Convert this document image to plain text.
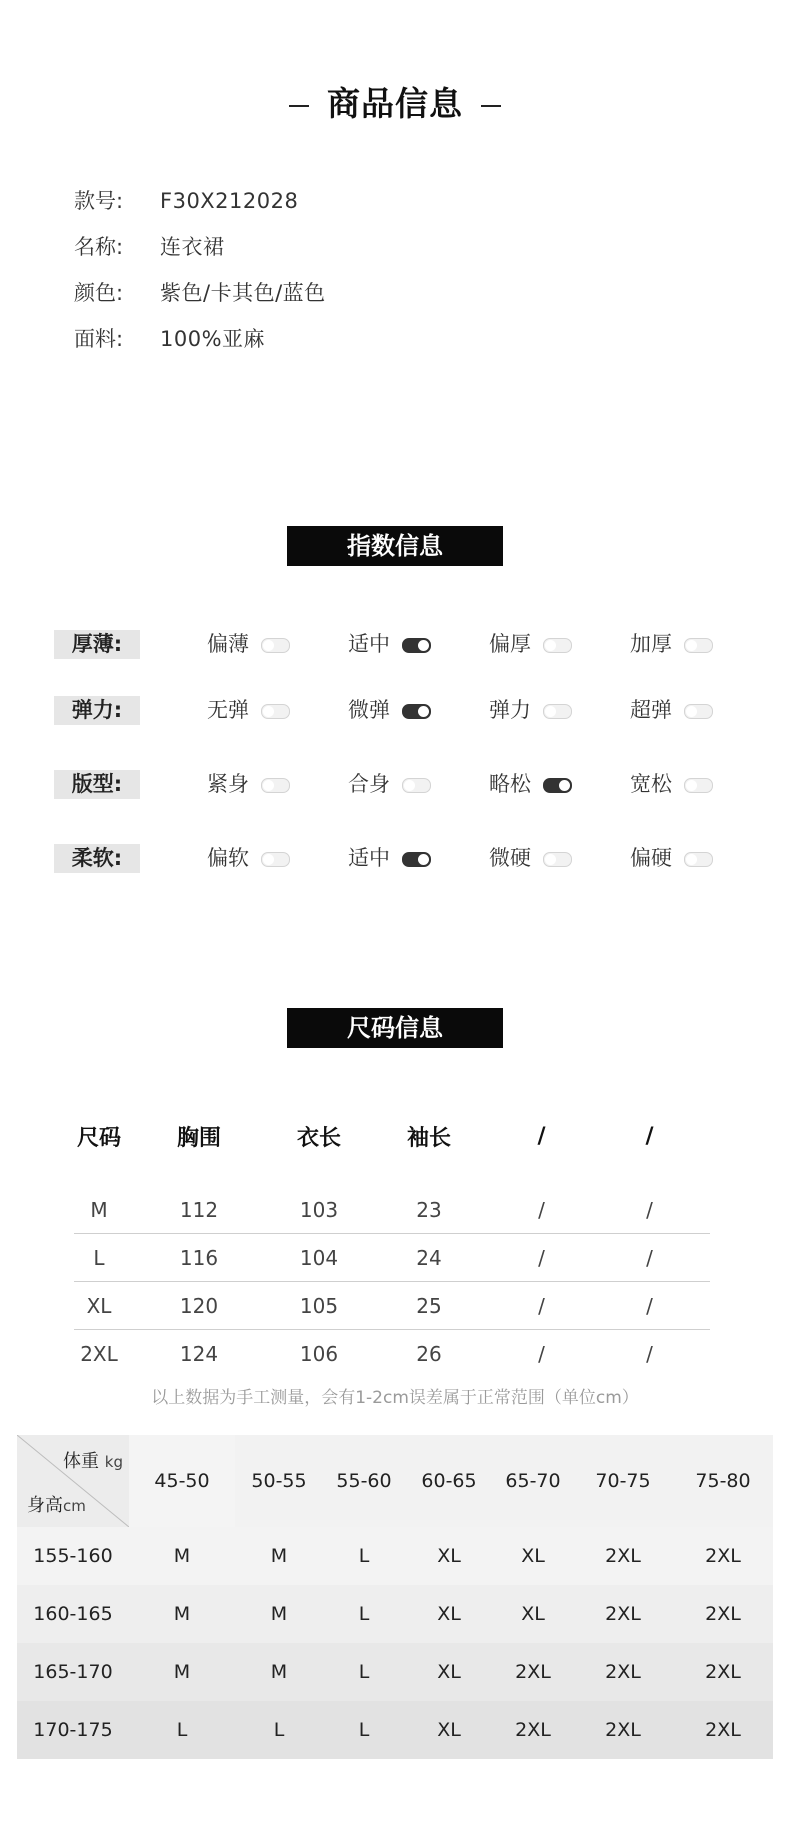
商品信息
款号: F30X212028
名称: 连衣裙
颜色: 紫色/卡其色/蓝色
面料: 100%亚麻
指数信息
厚薄:	偏薄	适中	偏厚	加厚
弹力:	无弹	微弹	弹力	超弹
版型:	紧身	合身	略松	宽松
柔软:	偏软	适中	微硬	偏硬
尺码信息
尺码	胸围	衣长	袖长	/	/
M	112	103	23	/	/
L	116	104	24	/	/
XL	120	105	25	/	/
2XL	124	106	26	/	/
以上数据为手工测量，会有1-2cm误差属于正常范围（单位cm）
体重 kg
身高cm
45-50	50-55	55-60	60-65	65-70	70-75	75-80
155-160	M	M	L	XL	XL	2XL	2XL
160-165	M	M	L	XL	XL	2XL	2XL
165-170	M	M	L	XL	2XL	2XL	2XL
170-175	L	L	L	XL	2XL	2XL	2XL
